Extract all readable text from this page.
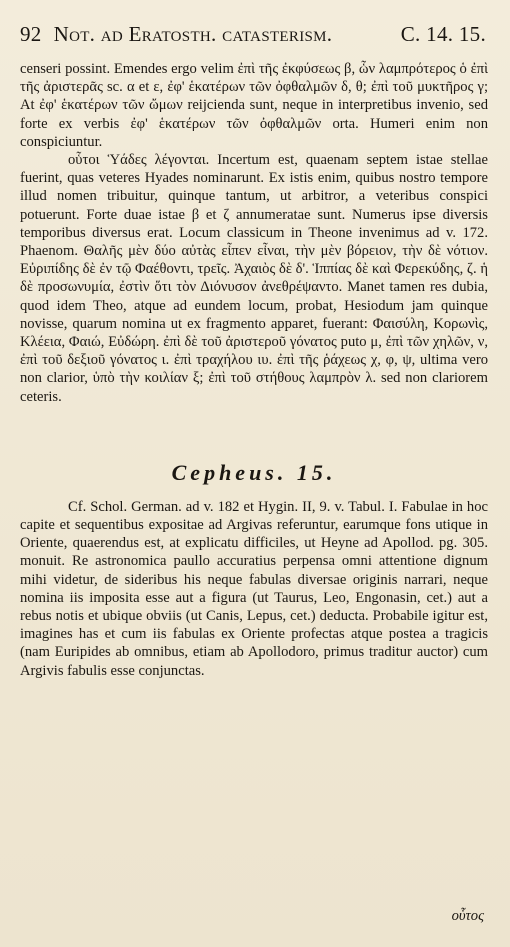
92 Not. ad Eratosth. catasterism.	C. 14. 15.

censeri possint. Emendes ergo velim ἐπὶ τῆς ἐκφύσεως β, ὧν λαμπρότερος ὁ ἐπὶ τῆς ἀριστερᾶς sc. α et ε, ἐφ' ἑκατέρων τῶν ὀφθαλμῶν δ, θ; ἐπὶ τοῦ μυκτῆρος γ; At ἐφ' ἑκατέρων τῶν ὤμων reijcienda sunt, neque in interpretibus invenio, sed forte ex verbis ἐφ' ἑκατέρων τῶν ὀφθαλμῶν orta. Humeri enim non conspiciuntur.

οὗτοι Ὑάδες λέγονται. Incertum est, quaenam septem istae stellae fuerint, quas veteres Hyades nominarunt. Ex istis enim, quibus nostro tempore illud nomen tribuitur, quinque tantum, ut arbitror, a veteribus conspici potuerunt. Forte duae istae β et ζ annumeratae sunt. Numerus ipse diversis temporibus diversus erat. Locum classicum in Theone invenimus ad v. 172. Phaenom. Θαλῆς μὲν δύο αὐτὰς εἶπεν εἶναι, τὴν μὲν βόρειον, τὴν δὲ νότιον. Εὐριπίδης δὲ ἐν τῷ Φαέθοντι, τρεῖς. Ἀχαιὸς δὲ δ'. Ἱππίας δὲ καὶ Φερεκύδης, ζ. ἡ δὲ προσωνυμία, ἐστὶν ὅτι τὸν Διόνυσον ἀνεθρέψαντο. Manet tamen res dubia, quod idem Theo, atque ad eundem locum, probat, Hesiodum jam quinque novisse, quarum nomina ut ex fragmento apparet, fuerant: Φαισύλη, Κορωνὶς, Κλέεια, Φαιώ, Εὐδώρη. ἐπὶ δὲ τοῦ ἀριστεροῦ γόνατος puto μ, ἐπὶ τῶν χηλῶν, ν, ἐπὶ τοῦ δεξιοῦ γόνατος ι. ἐπὶ τραχήλου ιυ. ἐπὶ τῆς ῥάχεως χ, φ, ψ, ultima vero non clarior, ὑπὸ τὴν κοιλίαν ξ; ἐπὶ τοῦ στήθους λαμπρὸν λ. sed non clariorem ceteris.

Cepheus. 15.

Cf. Schol. German. ad v. 182 et Hygin. II, 9. v. Tabul. I. Fabulae in hoc capite et sequentibus expositae ad Argivas referuntur, earumque fons utique in Oriente, quaerendus est, at explicatu difficiles, ut Heyne ad Apollod. pg. 305. monuit. Re astronomica paullo accuratius perpensa omni attentione dignum mihi videtur, de sideribus his neque fabulas diversae originis narrari, neque nomina iis imposita esse aut a figura (ut Taurus, Leo, Engonasin, cet.) aut a rebus notis et ubique obviis (ut Canis, Lepus, cet.) deducta. Probabile igitur est, imagines has et cum iis fabulas ex Oriente profectas atque postea a tragicis (nam Euripides ab omnibus, etiam ab Apollodoro, primus traditur auctor) cum Argivis fabulis esse conjunctas.

οὗτος
